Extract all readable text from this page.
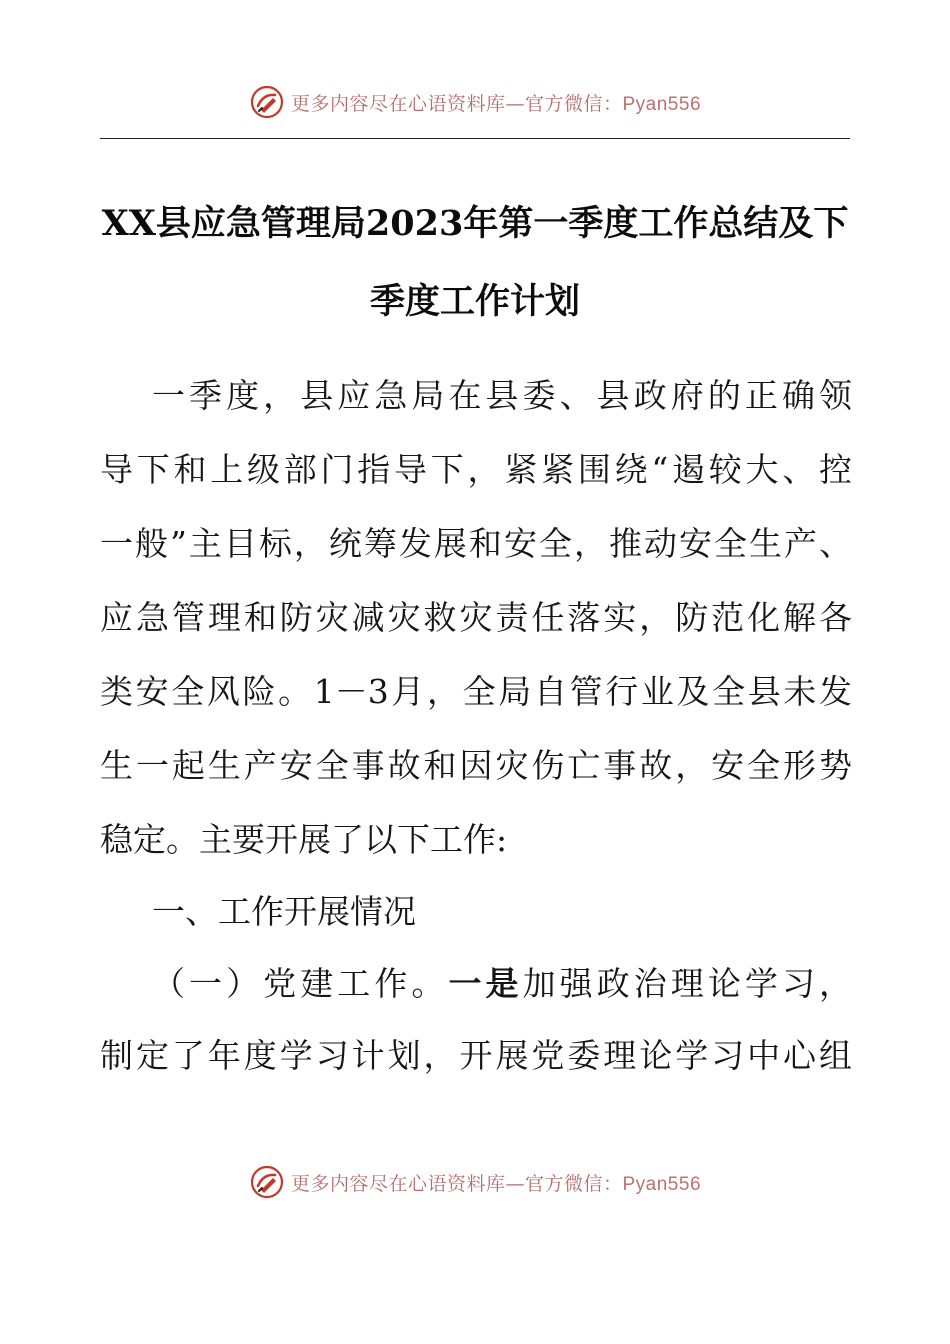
更多内容尽在心语资料库—官方微信：Pyan556
XX县应急管理局2023年第一季度工作总结及下
季度工作计划
一季度，县应急局在县委、县政府的正确领
导下和上级部门指导下，紧紧围绕“遏较大、控
一般”主目标，统筹发展和安全，推动安全生产、
应急管理和防灾减灾救灾责任落实，防范化解各
类安全风险。1－3月，全局自管行业及全县未发
生一起生产安全事故和因灾伤亡事故，安全形势
稳定。主要开展了以下工作:
一、工作开展情况
（一）党建工作。一是加强政治理论学习，
制定了年度学习计划，开展党委理论学习中心组
更多内容尽在心语资料库—官方微信：Pyan556
